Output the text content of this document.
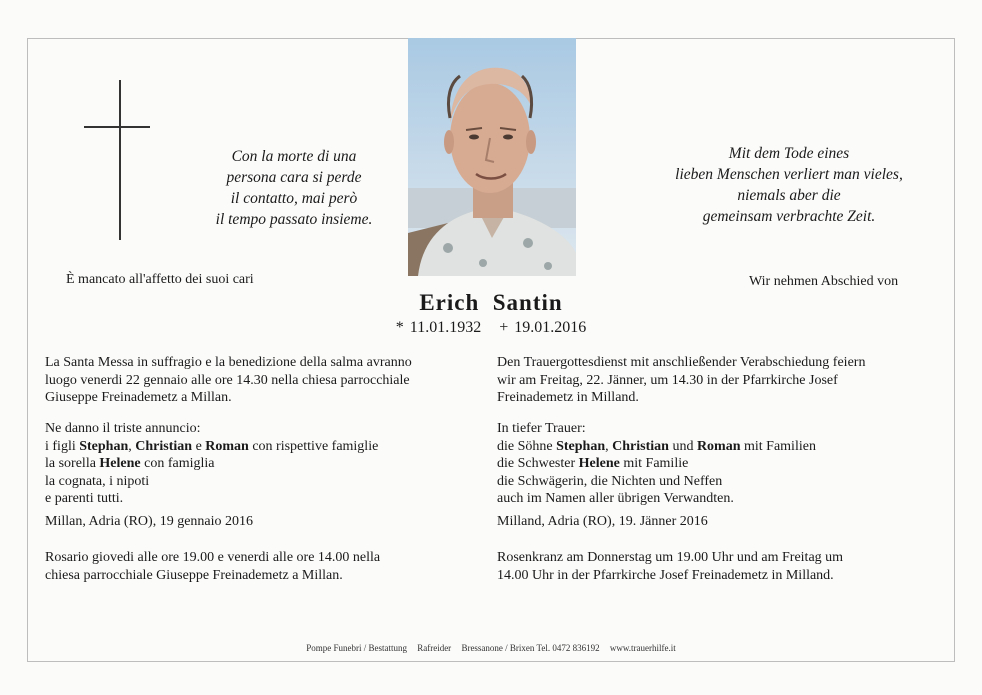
Con la morte di una
persona cara si perde
il contatto, mai però
il tempo passato insieme.
Mit dem Tode eines
lieben Menschen verliert man vieles,
niemals aber die
gemeinsam verbrachte Zeit.
È mancato all'affetto dei suoi cari	Wir nehmen Abschied von
Erich  Santin
* 11.01.1932   + 19.01.2016
La Santa Messa in suffragio e la benedizione della salma avranno
luogo venerdi 22 gennaio alle ore 14.30 nella chiesa parrocchiale
Giuseppe Freinademetz a Millan.
Ne danno il triste annuncio:
i figli Stephan, Christian e Roman con rispettive famiglie
la sorella Helene con famiglia
la cognata, i nipoti
e parenti tutti.
Millan, Adria (RO), 19 gennaio 2016
Rosario giovedi alle ore 19.00 e venerdi alle ore 14.00 nella
chiesa parrocchiale Giuseppe Freinademetz a Millan.
Den Trauergottesdienst mit anschließender Verabschiedung feiern
wir am Freitag, 22. Jänner, um 14.30 in der Pfarrkirche Josef
Freinademetz in Milland.
In tiefer Trauer:
die Söhne Stephan, Christian und Roman mit Familien
die Schwester Helene mit Familie
die Schwägerin, die Nichten und Neffen
auch im Namen aller übrigen Verwandten.
Milland, Adria (RO), 19. Jänner 2016
Rosenkranz am Donnerstag um 19.00 Uhr und am Freitag um
14.00 Uhr in der Pfarrkirche Josef Freinademetz in Milland.
Pompe Funebri / Bestattung Rafreider Bressanone / Brixen Tel. 0472 836192 www.trauerhilfe.it
